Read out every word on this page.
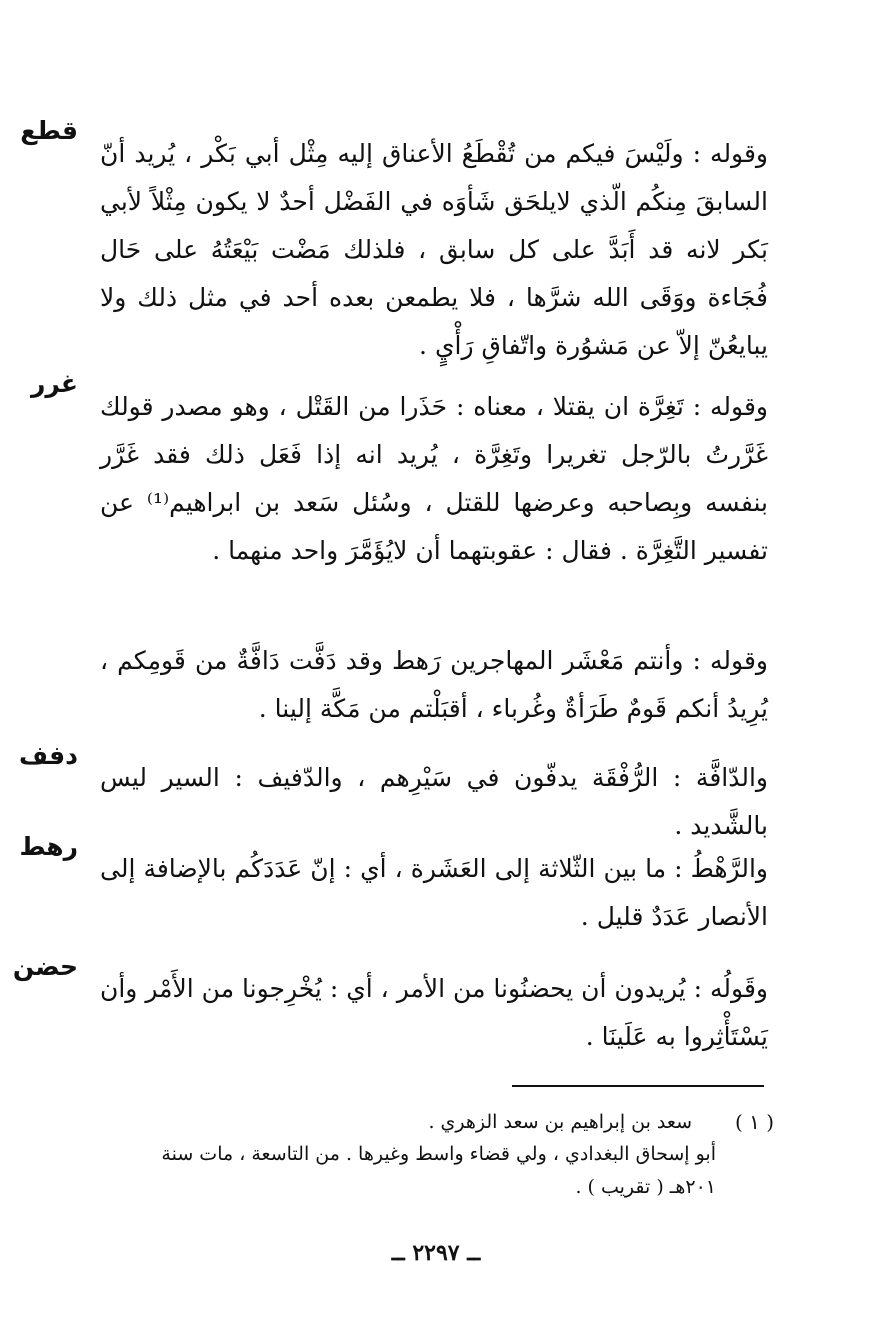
وقوله : ولَيْسَ فيكم من تُقْطَعُ الأعناق إليه مِثْل أبي بَكْر ، يُريد أنّ السابقَ مِنكُم الّذي لايلحَق شَأوَه في الفَضْل أحدٌ لا يكون مِثْلاً لأبي بَكر لانه قد أَبَدَّ على كل سابق ، فلذلك مَضْت بَيْعَتُهُ على حَال فُجَاءة ووَقَى الله شرَّها ، فلا يطمعن بعده أحد في مثل ذلك ولا يبايعُنّ إلاّ عن مَشوُرة واتّفاقِ رَأْيٍ .

قطع

وقوله : تَغِرَّة ان يقتلا ، معناه : حَذَرا من القَتْل ، وهو مصدر قولك غَرَّرتُ بالرّجل تغريرا وتَغِرَّة ، يُريد انه إذا فَعَل ذلك فقد غَرَّر بنفسه وبِصاحبه وعرضها للقتل ، وسُئل سَعد بن ابراهيم⁽¹⁾ عن تفسير التَّغِرَّة . فقال : عقوبتهما أن لايُؤَمَّرَ واحد منهما .

غرر

وقوله : وأنتم مَعْشَر المهاجرين رَهط وقد دَفَّت دَافَّةٌ من قَومِكم ، يُرِيدُ أنكم قَومٌ طَرَأةٌ وغُرباء ، أقبَلْتم من مَكَّة إلينا .

والدّافَّة : الرُّفْقَة يدفّون في سَيْرِهم ، والدّفيف : السير ليس بالشَّديد .

دفف

والرَّهْطُ : ما بين الثّلاثة إلى العَشَرة ، أي : إنّ عَدَدَكُم بالإضافة إلى الأنصار عَدَدٌ قليل .

رهط

وقَولُه : يُريدون أن يحضنُونا من الأمر ، أي : يُخْرِجونا من الأَمْر وأن يَسْتَأْثِروا به عَلَينَا .

حضن
( ١ )
سعد بن إبراهيم بن سعد الزهري .
أبو إسحاق البغدادي ، ولي قضاء واسط وغيرها . من التاسعة ، مات سنة
٢٠١هـ ( تقريب ) .
ــ ٢٢٩٧ ــ
